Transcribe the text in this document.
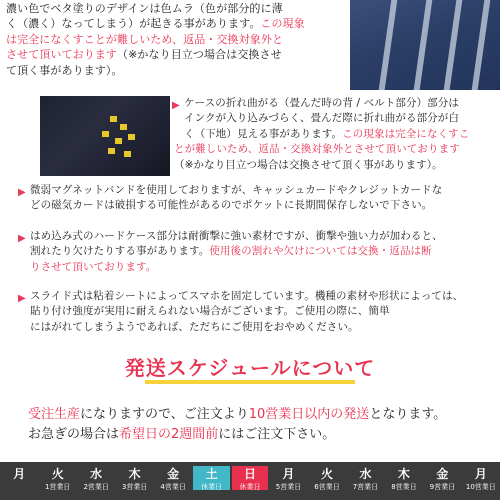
濃い色でベタ塗りのデザインは色ムラ（色が部分的に薄
く（濃く）なってしまう）が起きる事があります。この現象
は完全になくすことが難しいため、返品・交換対象外と
させて頂いております（※かなり目立つ場合は交換させ
て頂く事があります）。
▶ ケースの折れ曲がる（畳んだ時の背 / ベルト部分）部分は
インクが入り込みづらく、畳んだ際に折れ曲がる部分が白
く（下地）見える事があります。この現象は完全になくすこ
とが難しいため、返品・交換対象外とさせて頂いております
（※かなり目立つ場合は交換させて頂く事があります）。
▶ 微弱マグネットバンドを使用しておりますが、キャッシュカードやクレジットカードな
どの磁気カードは破損する可能性があるのでポケットに長期間保存しないで下さい。
▶ はめ込み式のハードケース部分は耐衝撃に強い素材ですが、衝撃や強い力が加わると、
割れたり欠けたりする事があります。使用後の割れや欠けについては交換・返品は断
りさせて頂いております。
▶ スライド式は粘着シートによってスマホを固定しています。機種の素材や形状によっては、
貼り付け強度が実用に耐えられない場合がございます。ご使用の際に、簡単
にはがれてしまうようであれば、ただちにご使用をおやめください。
発送スケジュールについて
受注生産になりますので、ご注文より10営業日以内の発送となります。
お急ぎの場合は希望日の2週間前にはご注文下さい。
月 火
1営業日
水
2営業日
木
3営業日
金
4営業日
土
休業日
日
休業日
月
5営業日
火
6営業日
水
7営業日
木
8営業日
金
9営業日
月
10営業日
